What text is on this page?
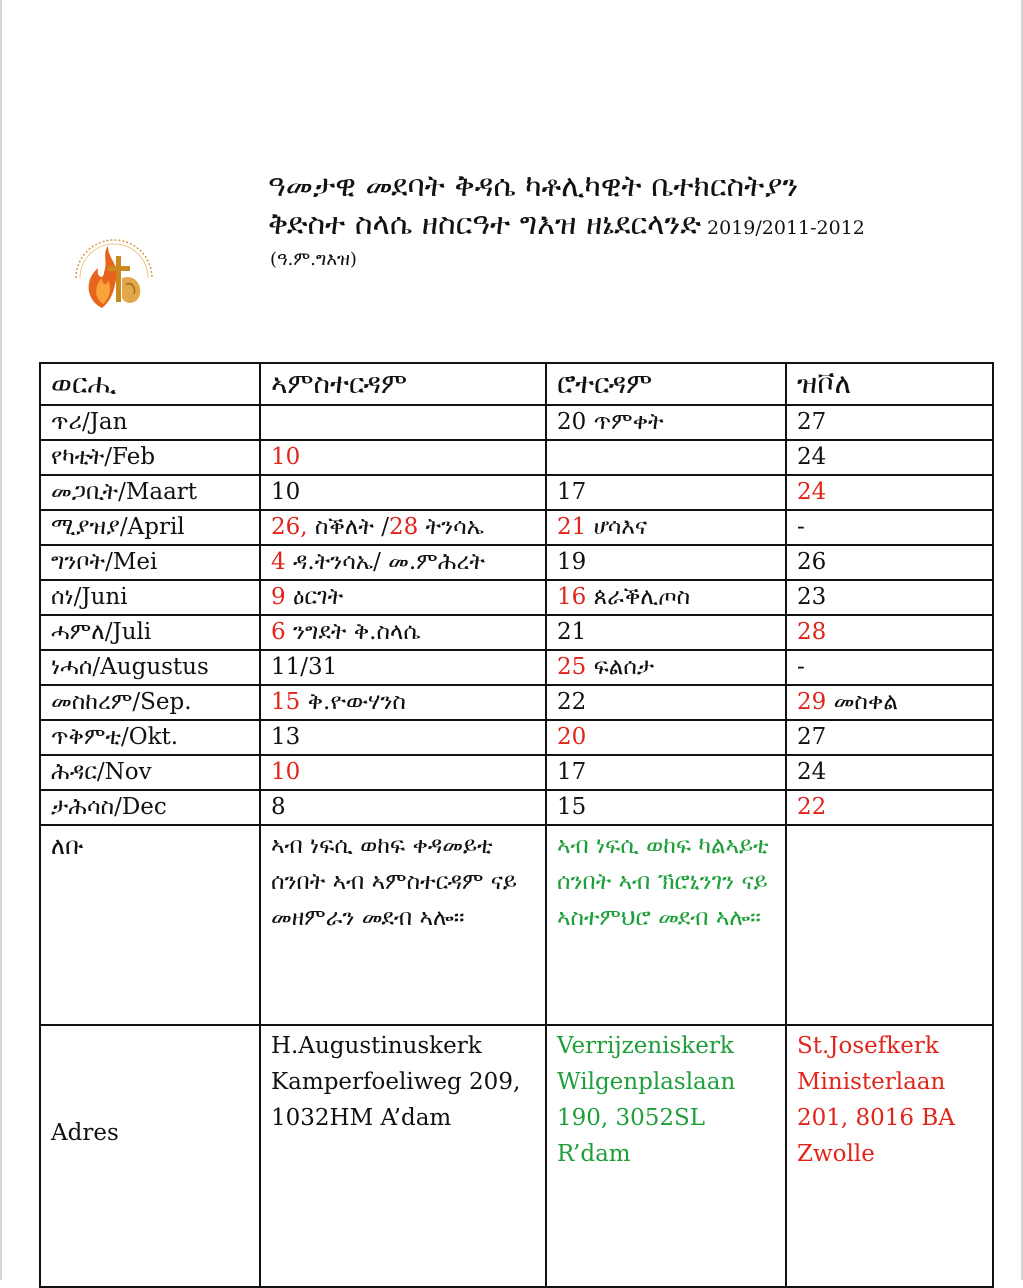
ዓመታዊ መደባት ቅዳሴ ካቶሊካዊት ቤተክርስትያን
ቅድስተ ስላሴ ዘስርዓተ ግእዝ ዘኔደርላንድ 2019/2011-2012
(ዓ.ም.ግእዝ)
ወርሒ	ኣምስተርዳም	ሮተርዳም	ዝቮለ
ጥሪ/Jan		20 ጥምቀት	27
የካቲት/Feb	10		24
መጋቢት/Maart	10	17	24
ሚያዝያ/April	26, ስቕለት /28 ትንሳኤ	21 ሆሳእና	-
ግንቦት/Mei	4 ዳ.ትንሳኤ/ መ.ምሕረት	19	26
ሰነ/Juni	9 ዕርገት	16 ጰራቕሊጦስ	23
ሓምለ/Juli	6 ንግደት ቅ.ስላሴ	21	28
ነሓሰ/Augustus	11/31	25 ፍልሰታ	-
መስከረም/Sep.	15 ቅ.ዮውሃንስ	22	29 መስቀል
ጥቅምቲ/Okt.	13	20	27
ሕዳር/Nov	10	17	24
ታሕሳስ/Dec	8	15	22
ለቡ	ኣብ ነፍሲ ወከፍ ቀዳመይቲ ሰንበት ኣብ ኣምስተርዳም ናይ መዘምራን መደብ ኣሎ።	ኣብ ነፍሲ ወከፍ ካልኣይቲ ሰንበት ኣብ ኽሮኒንገን ናይ ኣስተምህሮ መደብ ኣሎ።	
Adres	H.Augustinuskerk Kamperfoeliweg 209, 1032HM A’dam	Verrijzeniskerk Wilgenplaslaan 190, 3052SL R’dam	St.Josefkerk Ministerlaan 201, 8016 BA Zwolle
